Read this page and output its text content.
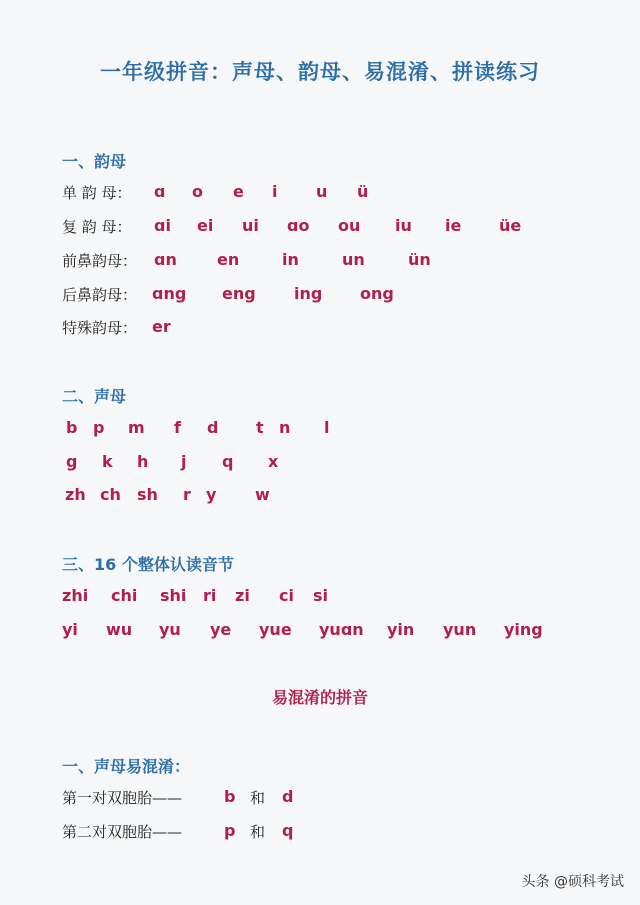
一年级拼音：声母、韵母、易混淆、拼读练习
一、韵母
单 韵 母： ɑ o e i u ü
复 韵 母： ɑi ei ui ɑo ou iu ie üe
前鼻韵母： ɑn	en	in	un	ün
后鼻韵母： ɑng eng ing ong
特殊韵母： er
二、声母
b p m f d t n l
g k h j q x
zh ch sh r y w
三、16 个整体认读音节
zhi chi shi ri zi ci si
yi wu yu ye yue yuɑn yin yun ying
易混淆的拼音
一、声母易混淆：
第一对双胞胎——	b 和 d
第二对双胞胎——	p 和 q
头条 @硕科考试
